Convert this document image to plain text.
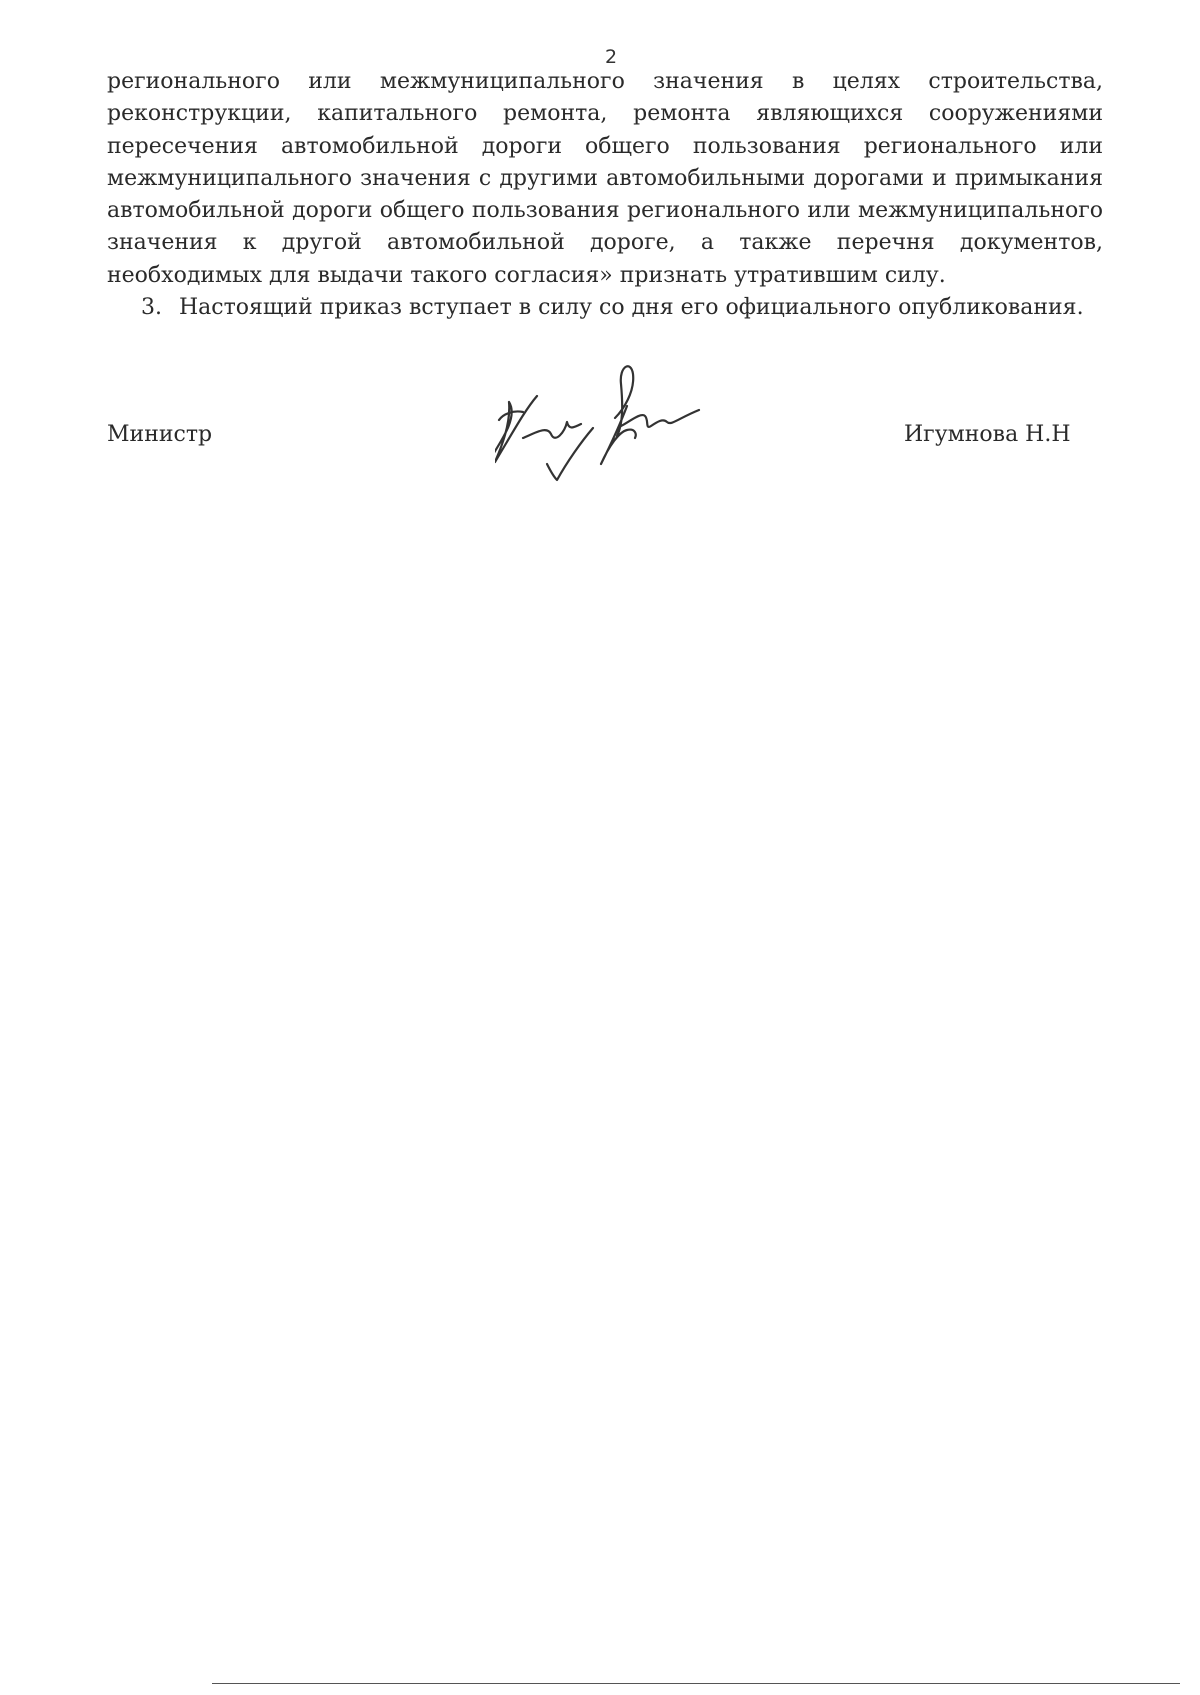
2

регионального или межмуниципального значения в целях строительства, реконструкции, капитального ремонта, ремонта являющихся сооружениями пересечения автомобильной дороги общего пользования регионального или межмуниципального значения с другими автомобильными дорогами и примыкания автомобильной дороги общего пользования регионального или межмуниципального значения к другой автомобильной дороге, а также перечня документов, необходимых для выдачи такого согласия» признать утратившим силу.

3. Настоящий приказ вступает в силу со дня его официального опубликования.

Министр	Игумнова Н.Н
